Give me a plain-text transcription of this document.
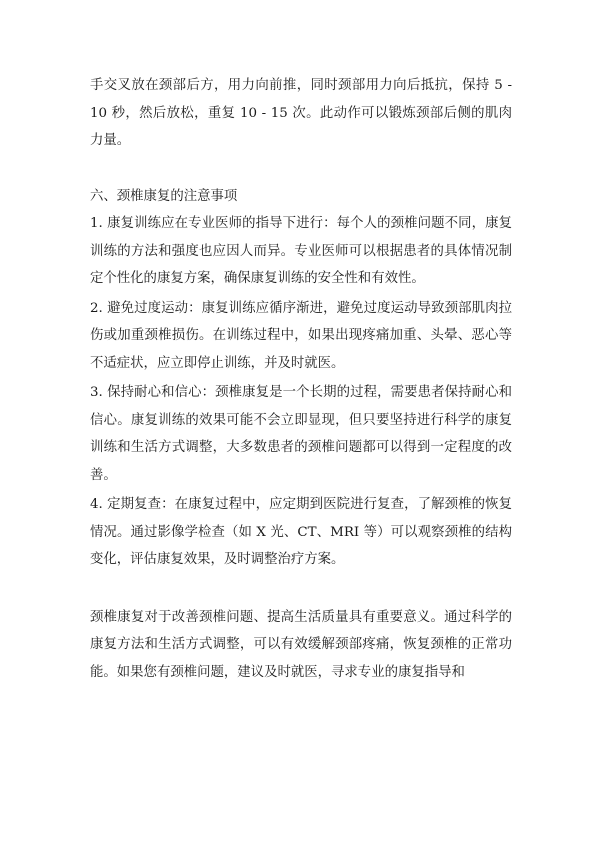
手交叉放在颈部后方，用力向前推，同时颈部用力向后抵抗，保持 5 - 10 秒，然后放松，重复 10 - 15 次。此动作可以锻炼颈部后侧的肌肉力量。

六、颈椎康复的注意事项

1. 康复训练应在专业医师的指导下进行：每个人的颈椎问题不同，康复训练的方法和强度也应因人而异。专业医师可以根据患者的具体情况制定个性化的康复方案，确保康复训练的安全性和有效性。

2. 避免过度运动：康复训练应循序渐进，避免过度运动导致颈部肌肉拉伤或加重颈椎损伤。在训练过程中，如果出现疼痛加重、头晕、恶心等不适症状，应立即停止训练，并及时就医。

3. 保持耐心和信心：颈椎康复是一个长期的过程，需要患者保持耐心和信心。康复训练的效果可能不会立即显现，但只要坚持进行科学的康复训练和生活方式调整，大多数患者的颈椎问题都可以得到一定程度的改善。

4. 定期复查：在康复过程中，应定期到医院进行复查，了解颈椎的恢复情况。通过影像学检查（如 X 光、CT、MRI 等）可以观察颈椎的结构变化，评估康复效果，及时调整治疗方案。

颈椎康复对于改善颈椎问题、提高生活质量具有重要意义。通过科学的康复方法和生活方式调整，可以有效缓解颈部疼痛，恢复颈椎的正常功能。如果您有颈椎问题，建议及时就医，寻求专业的康复指导和
